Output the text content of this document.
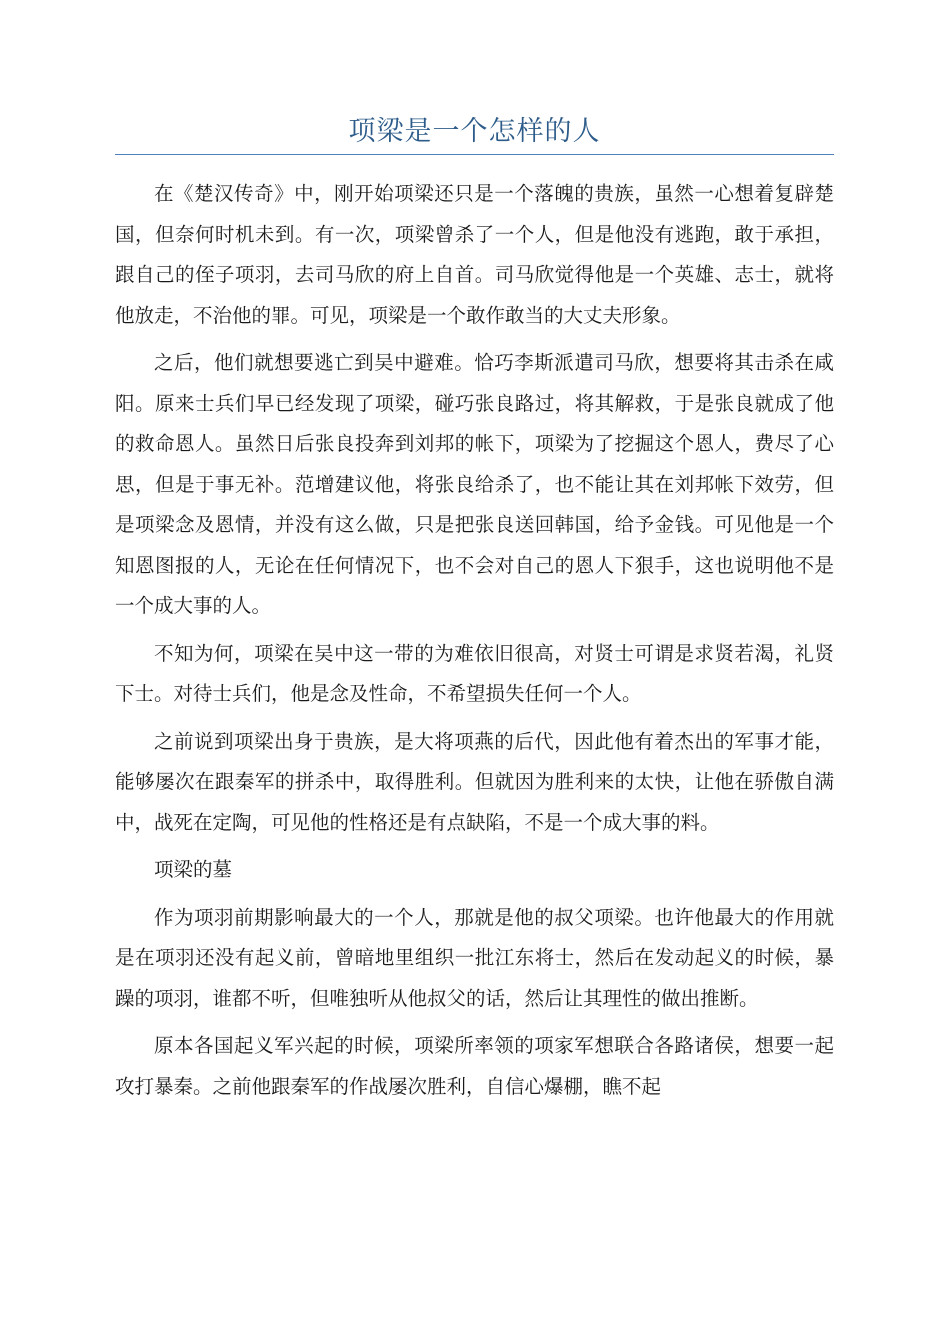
项梁是一个怎样的人

在《楚汉传奇》中，刚开始项梁还只是一个落魄的贵族，虽然一心想着复辟楚国，但奈何时机未到。有一次，项梁曾杀了一个人，但是他没有逃跑，敢于承担，跟自己的侄子项羽，去司马欣的府上自首。司马欣觉得他是一个英雄、志士，就将他放走，不治他的罪。可见，项梁是一个敢作敢当的大丈夫形象。

之后，他们就想要逃亡到吴中避难。恰巧李斯派遣司马欣，想要将其击杀在咸阳。原来士兵们早已经发现了项梁，碰巧张良路过，将其解救，于是张良就成了他的救命恩人。虽然日后张良投奔到刘邦的帐下，项梁为了挖掘这个恩人，费尽了心思，但是于事无补。范增建议他，将张良给杀了，也不能让其在刘邦帐下效劳，但是项梁念及恩情，并没有这么做，只是把张良送回韩国，给予金钱。可见他是一个知恩图报的人，无论在任何情况下，也不会对自己的恩人下狠手，这也说明他不是一个成大事的人。

不知为何，项梁在吴中这一带的为难依旧很高，对贤士可谓是求贤若渴，礼贤下士。对待士兵们，他是念及性命，不希望损失任何一个人。

之前说到项梁出身于贵族，是大将项燕的后代，因此他有着杰出的军事才能，能够屡次在跟秦军的拼杀中，取得胜利。但就因为胜利来的太快，让他在骄傲自满中，战死在定陶，可见他的性格还是有点缺陷，不是一个成大事的料。

项梁的墓

作为项羽前期影响最大的一个人，那就是他的叔父项梁。也许他最大的作用就是在项羽还没有起义前，曾暗地里组织一批江东将士，然后在发动起义的时候，暴躁的项羽，谁都不听，但唯独听从他叔父的话，然后让其理性的做出推断。

原本各国起义军兴起的时候，项梁所率领的项家军想联合各路诸侯，想要一起攻打暴秦。之前他跟秦军的作战屡次胜利，自信心爆棚，瞧不起
